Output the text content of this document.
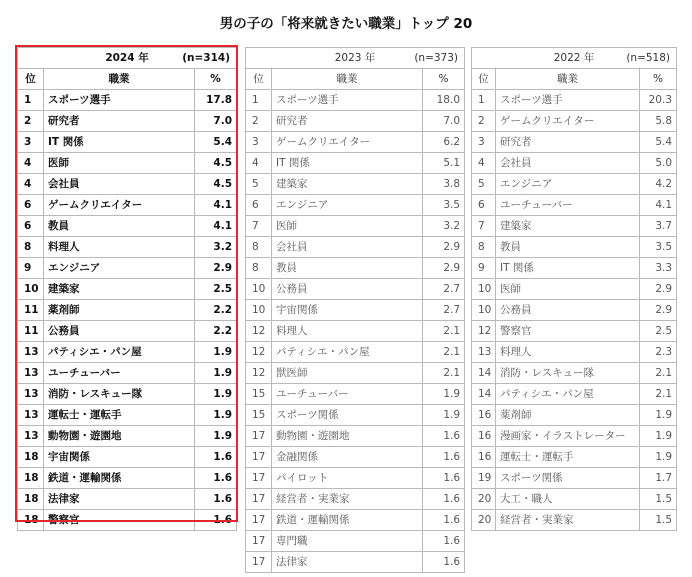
男の子の「将来就きたい職業」トップ 20
2024 年 (n=314)		

位	職業	%
1	スポーツ選手	17.8
2	研究者	7.0
3	IT 関係	5.4
4	医師	4.5
4	会社員	4.5
6	ゲームクリエイター	4.1
6	教員	4.1
8	料理人	3.2
9	エンジニア	2.9
10	建築家	2.5
11	薬剤師	2.2
11	公務員	2.2
13	パティシエ・パン屋	1.9
13	ユーチューバー	1.9
13	消防・レスキュー隊	1.9
13	運転士・運転手	1.9
13	動物園・遊園地	1.9
18	宇宙関係	1.6
18	鉄道・運輸関係	1.6
18	法律家	1.6
18	警察官	1.6
2023 年 (n=373)		

位	職業	%
1	スポーツ選手	18.0
2	研究者	7.0
3	ゲームクリエイター	6.2
4	IT 関係	5.1
5	建築家	3.8
6	エンジニア	3.5
7	医師	3.2
8	会社員	2.9
8	教員	2.9
10	公務員	2.7
10	宇宙関係	2.7
12	料理人	2.1
12	パティシエ・パン屋	2.1
12	獣医師	2.1
15	ユーチューバー	1.9
15	スポーツ関係	1.9
17	動物園・遊園地	1.6
17	金融関係	1.6
17	パイロット	1.6
17	経営者・実業家	1.6
17	鉄道・運輸関係	1.6
17	専門職	1.6
17	法律家	1.6
2022 年 (n=518)		

位	職業	%
1	スポーツ選手	20.3
2	ゲームクリエイター	5.8
3	研究者	5.4
4	会社員	5.0
5	エンジニア	4.2
6	ユーチューバー	4.1
7	建築家	3.7
8	教員	3.5
9	IT 関係	3.3
10	医師	2.9
10	公務員	2.9
12	警察官	2.5
13	料理人	2.3
14	消防・レスキュー隊	2.1
14	パティシエ・パン屋	2.1
16	薬剤師	1.9
16	漫画家・イラストレーター	1.9
16	運転士・運転手	1.9
19	スポーツ関係	1.7
20	大工・職人	1.5
20	経営者・実業家	1.5
